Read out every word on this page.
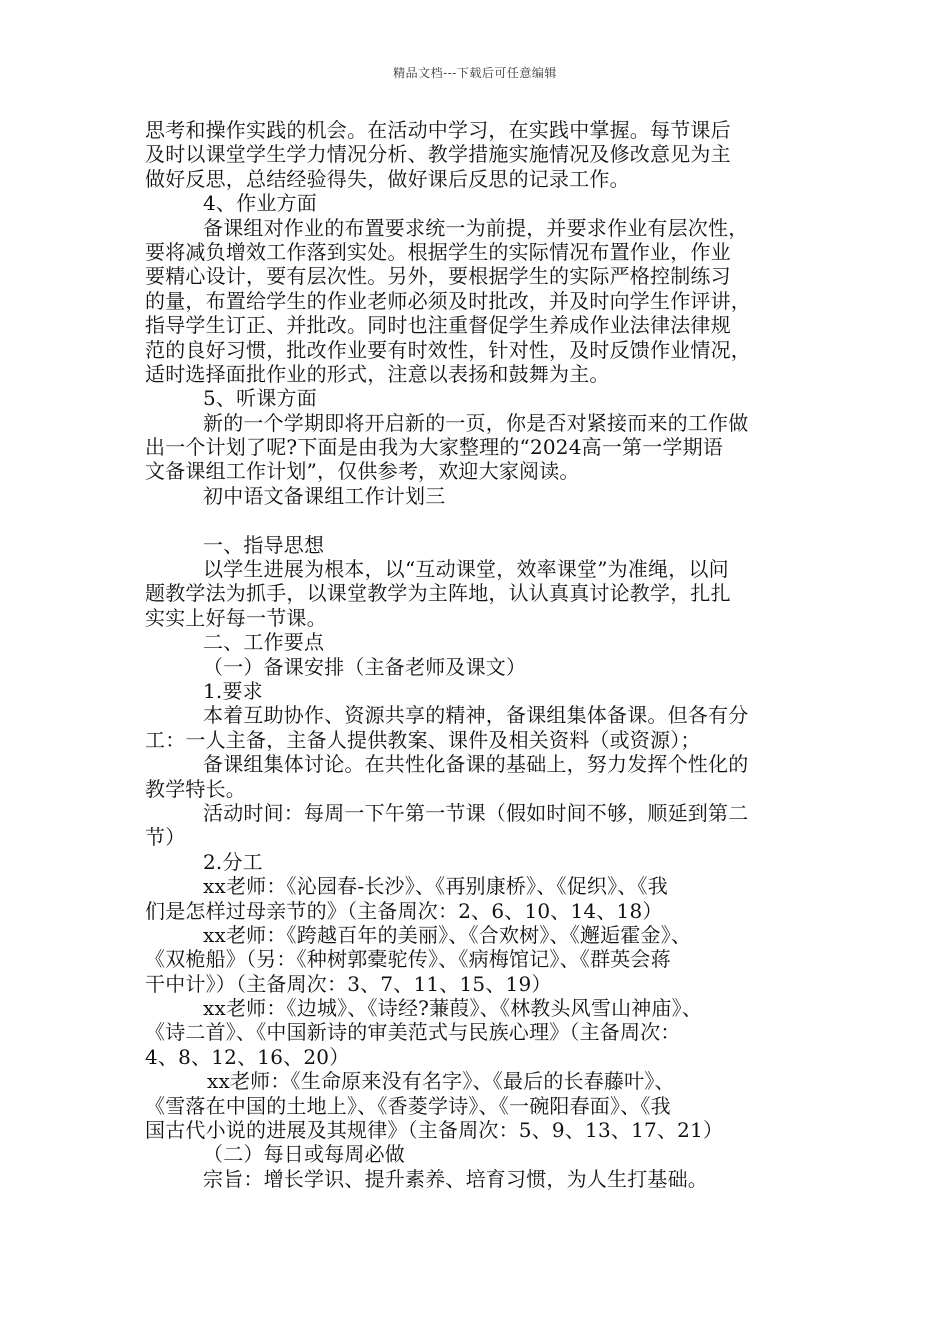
精品文档---下载后可任意编辑
思考和操作实践的机会。在活动中学习，在实践中掌握。每节课后
及时以课堂学生学力情况分析、教学措施实施情况及修改意见为主
做好反思，总结经验得失，做好课后反思的记录工作。
4、作业方面
备课组对作业的布置要求统一为前提，并要求作业有层次性，
要将减负增效工作落到实处。根据学生的实际情况布置作业，作业
要精心设计，要有层次性。另外，要根据学生的实际严格控制练习
的量，布置给学生的作业老师必须及时批改，并及时向学生作评讲，
指导学生订正、并批改。同时也注重督促学生养成作业法律法律规
范的良好习惯，批改作业要有时效性，针对性，及时反馈作业情况，
适时选择面批作业的形式，注意以表扬和鼓舞为主。
5、听课方面
新的一个学期即将开启新的一页，你是否对紧接而来的工作做
出一个计划了呢?下面是由我为大家整理的“2024高一第一学期语
文备课组工作计划”，仅供参考，欢迎大家阅读。
初中语文备课组工作计划三
一、指导思想
以学生进展为根本，以“互动课堂，效率课堂”为准绳，以问
题教学法为抓手，以课堂教学为主阵地，认认真真讨论教学，扎扎
实实上好每一节课。
二、工作要点
（一）备课安排（主备老师及课文）
1.要求
本着互助协作、资源共享的精神，备课组集体备课。但各有分
工：一人主备，主备人提供教案、课件及相关资料（或资源）；
备课组集体讨论。在共性化备课的基础上，努力发挥个性化的
教学特长。
活动时间：每周一下午第一节课（假如时间不够，顺延到第二
节）
2.分工
xx老师：《沁园春-长沙》、《再别康桥》、《促织》、《我
们是怎样过母亲节的》（主备周次：2、6、10、14、18）
xx老师：《跨越百年的美丽》、《合欢树》、《邂逅霍金》、
《双桅船》（另：《种树郭橐驼传》、《病梅馆记》、《群英会蒋
干中计》）（主备周次：3、7、11、15、19）
xx老师：《边城》、《诗经?蒹葭》、《林教头风雪山神庙》、
《诗二首》、《中国新诗的审美范式与民族心理》（主备周次：
4、8、12、16、20）
xx老师：《生命原来没有名字》、《最后的长春藤叶》、
《雪落在中国的土地上》、《香菱学诗》、《一碗阳春面》、《我
国古代小说的进展及其规律》（主备周次：5、9、13、17、21）
（二）每日或每周必做
宗旨：增长学识、提升素养、培育习惯，为人生打基础。
